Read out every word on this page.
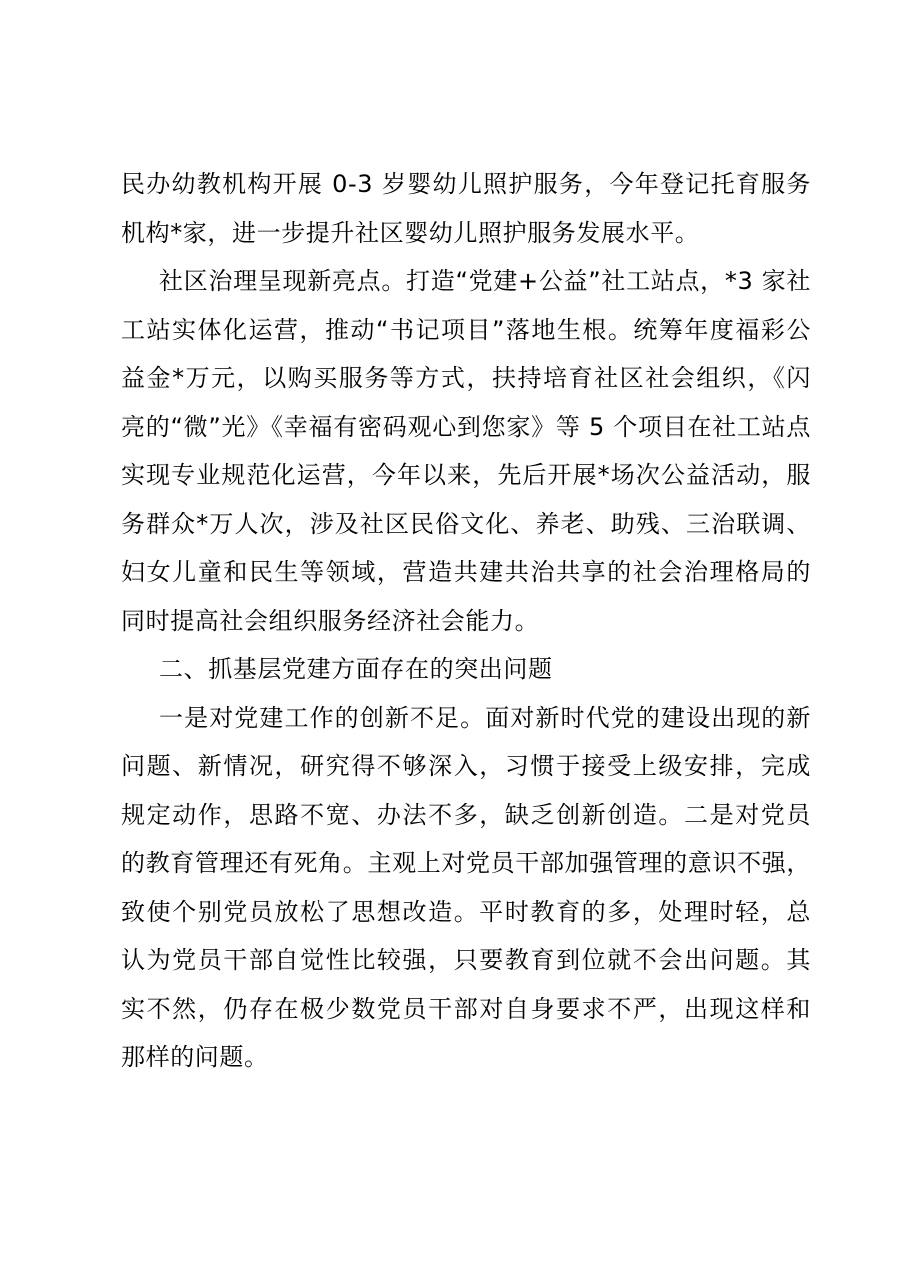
民办幼教机构开展 0-3 岁婴幼儿照护服务，今年登记托育服务
机构*家，进一步提升社区婴幼儿照护服务发展水平。
社区治理呈现新亮点。打造“党建+公益”社工站点，*3 家社
工站实体化运营，推动“书记项目”落地生根。统筹年度福彩公
益金*万元，以购买服务等方式，扶持培育社区社会组织，《闪
亮的“微”光》《幸福有密码观心到您家》等 5 个项目在社工站点
实现专业规范化运营，今年以来，先后开展*场次公益活动，服
务群众*万人次，涉及社区民俗文化、养老、助残、三治联调、
妇女儿童和民生等领域，营造共建共治共享的社会治理格局的
同时提高社会组织服务经济社会能力。
二、抓基层党建方面存在的突出问题
一是对党建工作的创新不足。面对新时代党的建设出现的新
问题、新情况，研究得不够深入，习惯于接受上级安排，完成
规定动作，思路不宽、办法不多，缺乏创新创造。二是对党员
的教育管理还有死角。主观上对党员干部加强管理的意识不强，
致使个别党员放松了思想改造。平时教育的多，处理时轻，总
认为党员干部自觉性比较强，只要教育到位就不会出问题。其
实不然，仍存在极少数党员干部对自身要求不严，出现这样和
那样的问题。
